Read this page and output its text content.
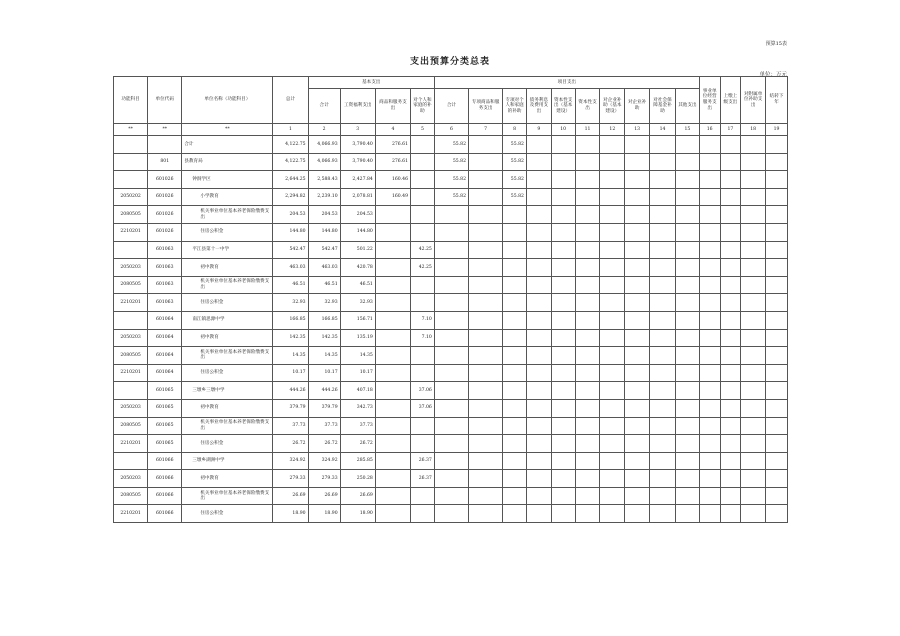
预算15表
支出预算分类总表
单位：万元
功能科目	单位代码	单位名称（功能科目）	总计	基本支出				项目支出										事业单位经营服务支出	上缴上级支出	对附属单位补助支出	结转下年
				合计	工资福利支出	商品和服务支出	对个人和家庭的补助	合计	专项商品和服务支出	专项对个人和家庭的补助	债务利息及费用支出	资本性支出（基本建设）	资本性支出	对企业补助（基本建设）	对企业补助	对社会保障基金补助	其他支出				
**	**	**	1	2	3	4	5	6	7	8	9	10	11	12	13	14	15	16	17	18	19
		合计	4,122.75	4,066.93	3,790.40	276.61		55.82		55.82											
	801	县教育局	4,122.75	4,066.93	3,790.40	276.61		55.82		55.82											
	601026	钟洞学区	2,644.25	2,588.43	2,427.84	160.46		55.82		55.82											
2050202	601026	小学教育	2,294.82	2,239.10	2,078.81	160.49		55.82		55.82											
2080505	601026	机关事业单位基本养老保险缴费支出	204.53	204.53	204.53																
2210201	601026	住房公积金	144.80	144.80	144.80																
	601063	平江县第十一中学	542.47	542.47	501.22		42.25														
2050203	601063	初中教育	463.03	463.03	420.78		42.25														
2080505	601063	机关事业单位基本养老保险缴费支出	46.51	46.51	46.51																
2210201	601063	住房公积金	32.93	32.93	32.93																
	601064	南江镇思源中学	166.85	166.85	156.71		7.10														
2050203	601064	初中教育	142.35	142.35	135.19		7.10														
2080505	601064	机关事业单位基本养老保险缴费支出	14.35	14.35	14.35																
2210201	601064	住房公积金	10.17	10.17	10.17																
	601065	三墩乡三墩中学	444.26	444.26	407.18		37.06														
2050203	601065	初中教育	379.79	379.79	342.73		37.06														
2080505	601065	机关事业单位基本养老保险缴费支出	37.73	37.73	37.73																
2210201	601065	住房公积金	26.72	26.72	26.72																
	601066	三墩乡湖洲中学	324.92	324.92	285.85		26.37														
2050203	601066	初中教育	279.33	279.33	250.28		26.37														
2080505	601066	机关事业单位基本养老保险缴费支出	26.69	26.69	26.69																
2210201	601066	住房公积金	18.90	18.90	18.90																
